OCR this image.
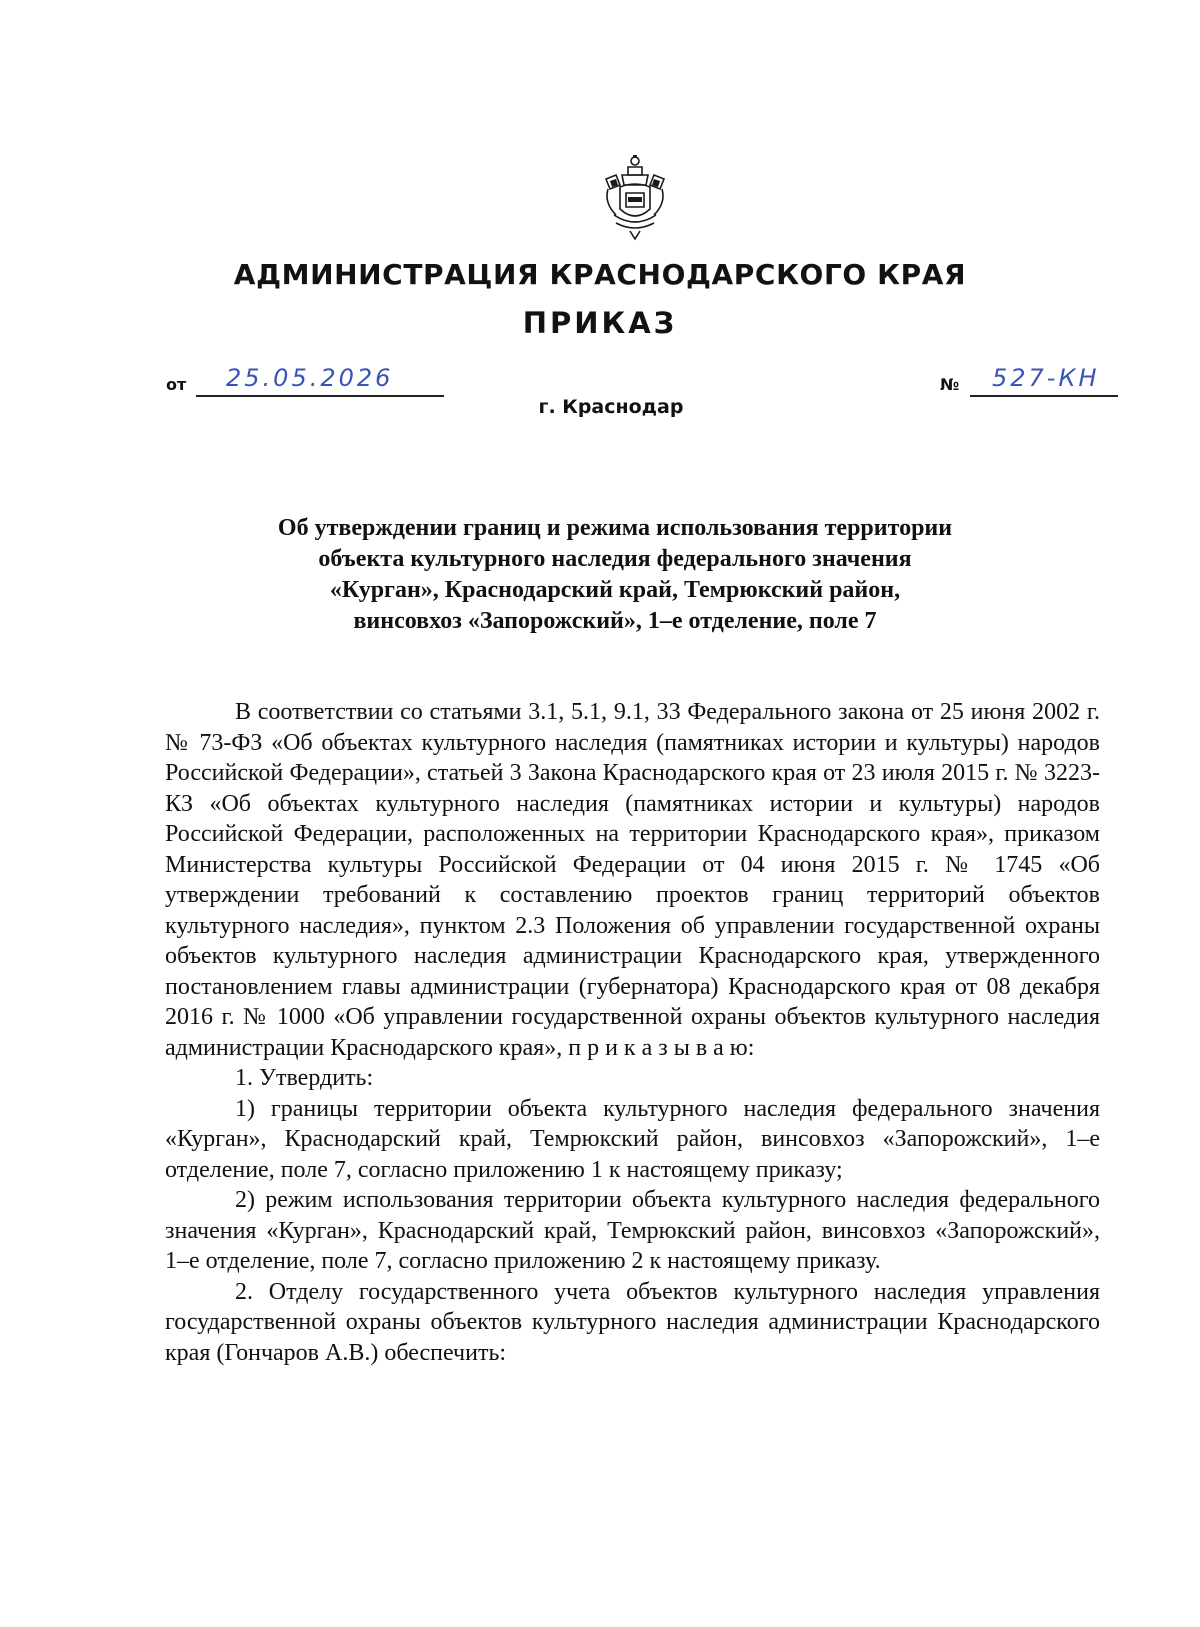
АДМИНИСТРАЦИЯ КРАСНОДАРСКОГО КРАЯ
ПРИКАЗ
от 25.05.2026	№ 527-КН
г. Краснодар
Об утверждении границ и режима использования территории
объекта культурного наследия федерального значения
«Курган», Краснодарский край, Темрюкский район,
винсовхоз «Запорожский», 1–е отделение, поле 7
В соответствии со статьями 3.1, 5.1, 9.1, 33 Федерального закона от 25 июня 2002 г. № 73-ФЗ «Об объектах культурного наследия (памятниках истории и культуры) народов Российской Федерации», статьей 3 Закона Краснодарского края от 23 июля 2015 г. № 3223-КЗ «Об объектах культурного наследия (памятниках истории и культуры) народов Российской Федерации, расположенных на территории Краснодарского края», приказом Министерства культуры Российской Федерации от 04 июня 2015 г. № 1745 «Об утверждении требований к составлению проектов границ территорий объектов культурного наследия», пунктом 2.3 Положения об управлении государственной охраны объектов культурного наследия администрации Краснодарского края, утвержденного постановлением главы администрации (губернатора) Краснодарского края от 08 декабря 2016 г. № 1000 «Об управлении государственной охраны объектов культурного наследия администрации Краснодарского края», п р и к а з ы в а ю:
1. Утвердить:
1) границы территории объекта культурного наследия федерального значения «Курган», Краснодарский край, Темрюкский район, винсовхоз «Запорожский», 1–е отделение, поле 7, согласно приложению 1 к настоящему приказу;
2) режим использования территории объекта культурного наследия федерального значения «Курган», Краснодарский край, Темрюкский район, винсовхоз «Запорожский», 1–е отделение, поле 7, согласно приложению 2 к настоящему приказу.
2. Отделу государственного учета объектов культурного наследия управления государственной охраны объектов культурного наследия администрации Краснодарского края (Гончаров А.В.) обеспечить:
